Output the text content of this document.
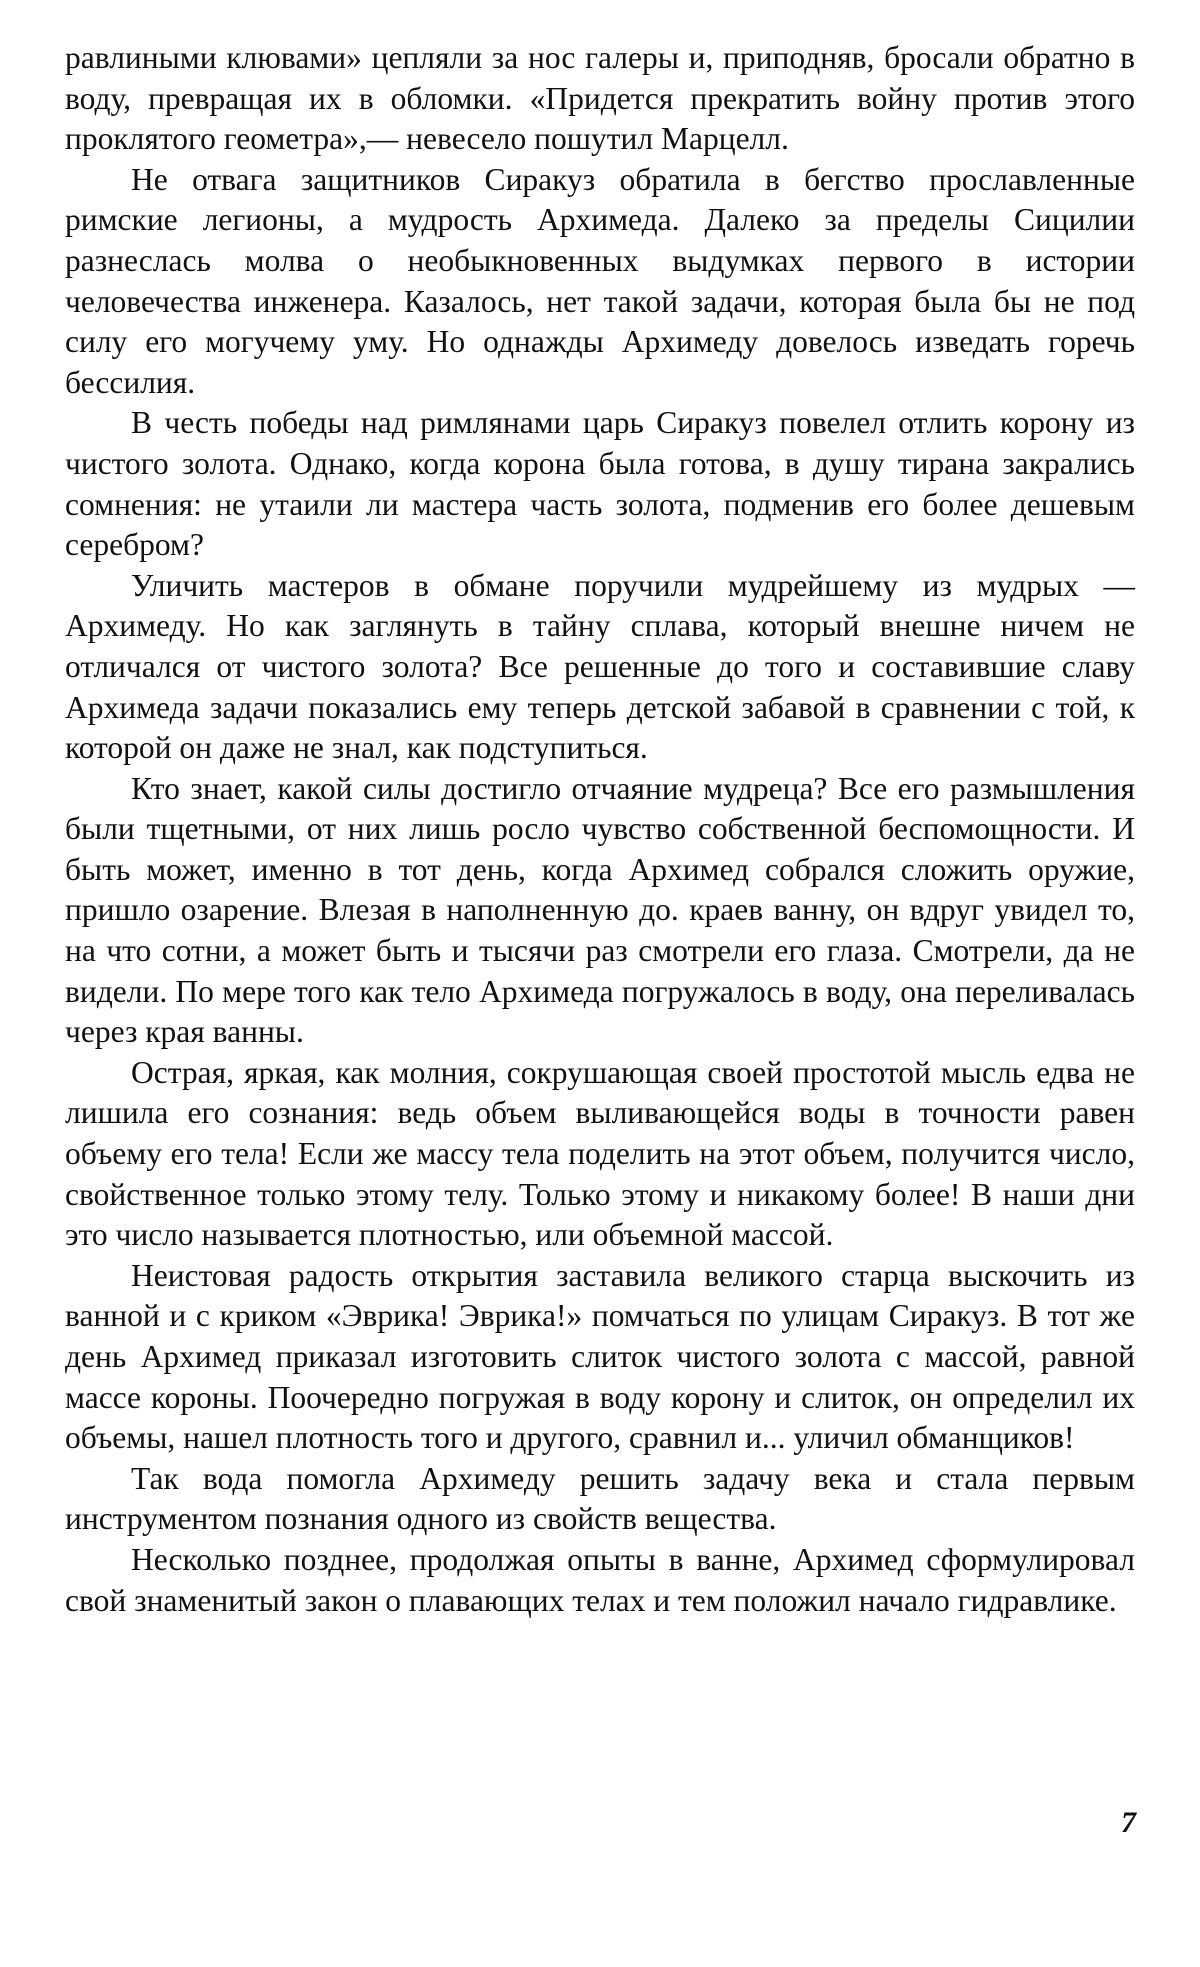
равлиными клювами» цепляли за нос галеры и, приподняв, бросали обратно в воду, превращая их в обломки. «Придется прекратить войну против этого проклятого геометра»,— невесело пошутил Марцелл.

Не отвага защитников Сиракуз обратила в бегство прославленные римские легионы, а мудрость Архимеда. Далеко за пределы Сицилии разнеслась молва о необыкновенных выдумках первого в истории человечества инженера. Казалось, нет такой задачи, которая была бы не под силу его могучему уму. Но однажды Архимеду довелось изведать горечь бессилия.

В честь победы над римлянами царь Сиракуз повелел отлить корону из чистого золота. Однако, когда корона была готова, в душу тирана закрались сомнения: не утаили ли мастера часть золота, подменив его более дешевым серебром?

Уличить мастеров в обмане поручили мудрейшему из мудрых — Архимеду. Но как заглянуть в тайну сплава, который внешне ничем не отличался от чистого золота? Все решенные до того и составившие славу Архимеда задачи показались ему теперь детской забавой в сравнении с той, к которой он даже не знал, как подступиться.

Кто знает, какой силы достигло отчаяние мудреца? Все его размышления были тщетными, от них лишь росло чувство собственной беспомощности. И быть может, именно в тот день, когда Архимед собрался сложить оружие, пришло озарение. Влезая в наполненную до. краев ванну, он вдруг увидел то, на что сотни, а может быть и тысячи раз смотрели его глаза. Смотрели, да не видели. По мере того как тело Архимеда погружалось в воду, она переливалась через края ванны.

Острая, яркая, как молния, сокрушающая своей простотой мысль едва не лишила его сознания: ведь объем выливающейся воды в точности равен объему его тела! Если же массу тела поделить на этот объем, получится число, свойственное только этому телу. Только этому и никакому более! В наши дни это число называется плотностью, или объемной массой.

Неистовая радость открытия заставила великого старца выскочить из ванной и с криком «Эврика! Эврика!» помчаться по улицам Сиракуз. В тот же день Архимед приказал изготовить слиток чистого золота с массой, равной массе короны. Поочередно погружая в воду корону и слиток, он определил их объемы, нашел плотность того и другого, сравнил и... уличил обманщиков!

Так вода помогла Архимеду решить задачу века и стала первым инструментом познания одного из свойств вещества.

Несколько позднее, продолжая опыты в ванне, Архимед сформулировал свой знаменитый закон о плавающих телах и тем положил начало гидравлике.

7
